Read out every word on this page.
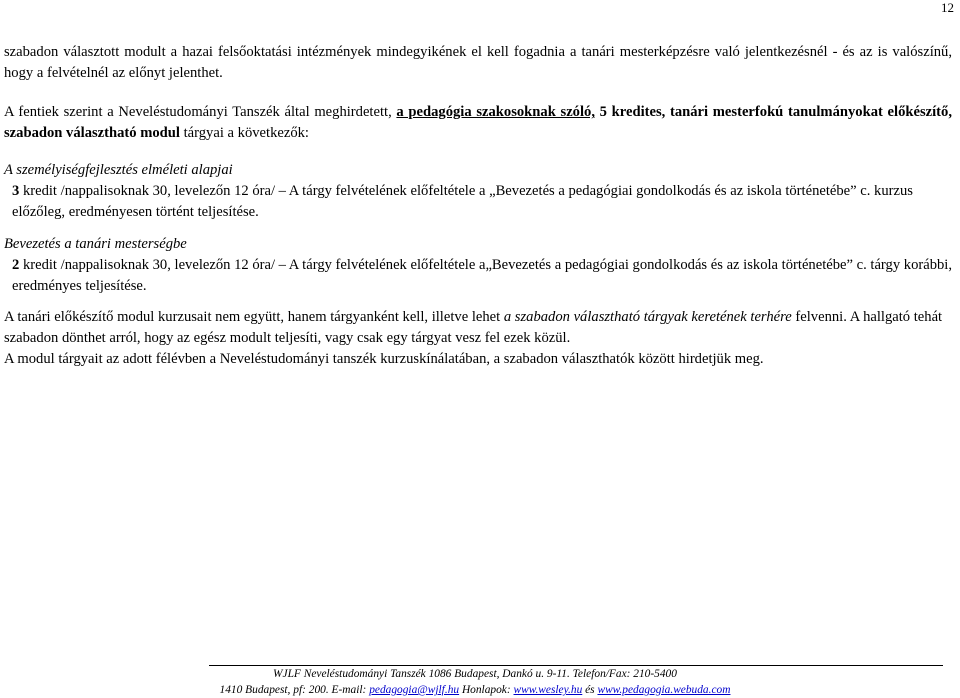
12
szabadon választott modult a hazai felsőoktatási intézmények mindegyikének el kell fogadnia a tanári mesterképzésre való jelentkezésnél - és az is valószínű, hogy a felvételnél az előnyt jelenthet.
A fentiek szerint a Neveléstudományi Tanszék által meghirdetett, a pedagógia szakosoknak szóló, 5 kredites, tanári mesterfokú tanulmányokat előkészítő, szabadon választható modul tárgyai a következők:
A személyiségfejlesztés elméleti alapjai
3 kredit /nappalisoknak 30, levelezőn 12 óra/ – A tárgy felvételének előfeltétele a „Bevezetés a pedagógiai gondolkodás és az iskola történetébe” c. kurzus előzőleg, eredményesen történt teljesítése.
Bevezetés a tanári mesterségbe
2 kredit /nappalisoknak 30, levelezőn 12 óra/ – A tárgy felvételének előfeltétele a„Bevezetés a pedagógiai gondolkodás és az iskola történetébe” c. tárgy korábbi, eredményes teljesítése.
A tanári előkészítő modul kurzusait nem együtt, hanem tárgyanként kell, illetve lehet a szabadon választható tárgyak keretének terhére felvenni. A hallgató tehát szabadon dönthet arról, hogy az egész modult teljesíti, vagy csak egy tárgyat vesz fel ezek közül.
A modul tárgyait az adott félévben a Neveléstudományi tanszék kurzuskínálatában, a szabadon választhatók között hirdetjük meg.
WJLF Neveléstudományi Tanszék 1086 Budapest, Dankó u. 9-11. Telefon/Fax: 210-5400
1410 Budapest, pf: 200. E-mail: pedagogia@wjlf.hu Honlapok: www.wesley.hu és www.pedagogia.webuda.com
